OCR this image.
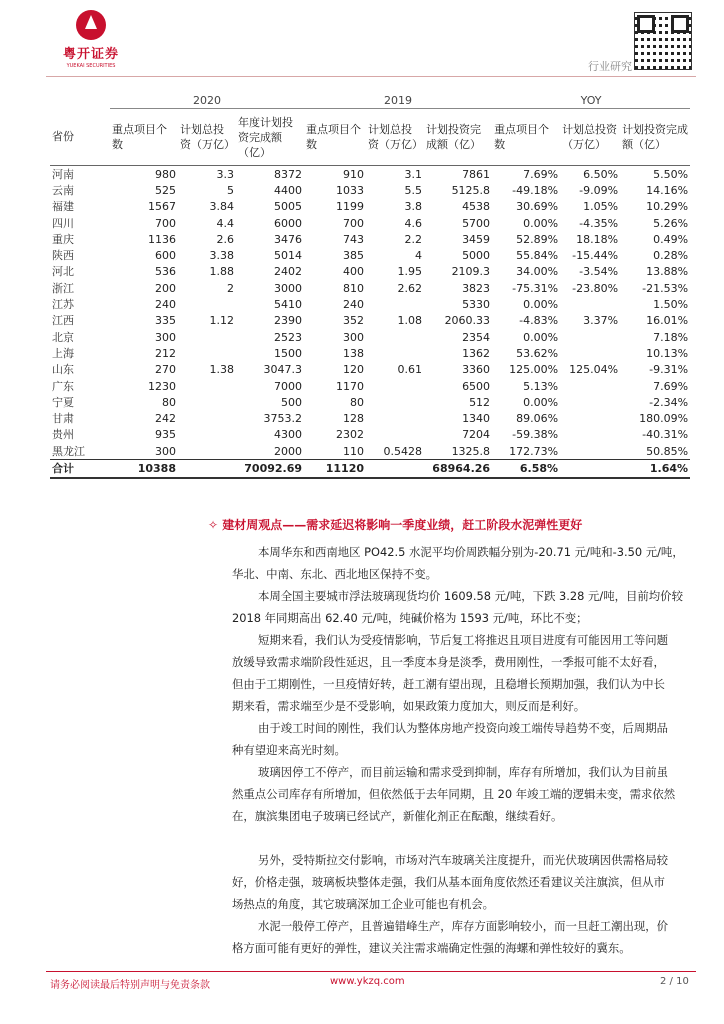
粤开证券
YUEKAI SECURITIES	行业研究
	2020			2019			YOY		
省份	重点项目个数	计划总投资（万亿）	年度计划投资完成额（亿）	重点项目个数	计划总投资（万亿）	计划投资完成额（亿）	重点项目个数	计划总投资（万亿）	计划投资完成额（亿）
河南	980	3.3	8372	910	3.1	7861	7.69%	6.50%	5.50%
云南	525	5	4400	1033	5.5	5125.8	-49.18%	-9.09%	14.16%
福建	1567	3.84	5005	1199	3.8	4538	30.69%	1.05%	10.29%
四川	700	4.4	6000	700	4.6	5700	0.00%	-4.35%	5.26%
重庆	1136	2.6	3476	743	2.2	3459	52.89%	18.18%	0.49%
陕西	600	3.38	5014	385	4	5000	55.84%	-15.44%	0.28%
河北	536	1.88	2402	400	1.95	2109.3	34.00%	-3.54%	13.88%
浙江	200	2	3000	810	2.62	3823	-75.31%	-23.80%	-21.53%
江苏	240		5410	240		5330	0.00%		1.50%
江西	335	1.12	2390	352	1.08	2060.33	-4.83%	3.37%	16.01%
北京	300		2523	300		2354	0.00%		7.18%
上海	212		1500	138		1362	53.62%		10.13%
山东	270	1.38	3047.3	120	0.61	3360	125.00%	125.04%	-9.31%
广东	1230		7000	1170		6500	5.13%		7.69%
宁夏	80		500	80		512	0.00%		-2.34%
甘肃	242		3753.2	128		1340	89.06%		180.09%
贵州	935		4300	2302		7204	-59.38%		-40.31%
黑龙江	300		2000	110	0.5428	1325.8	172.73%		50.85%
合计	10388		70092.69	11120		68964.26	6.58%		1.64%
✧ 建材周观点——需求延迟将影响一季度业绩，赶工阶段水泥弹性更好
本周华东和西南地区 PO42.5 水泥平均价周跌幅分别为-20.71 元/吨和-3.50 元/吨，
华北、中南、东北、西北地区保持不变。
本周全国主要城市浮法玻璃现货均价 1609.58 元/吨，下跌 3.28 元/吨，目前均价较
2018 年同期高出 62.40 元/吨，纯碱价格为 1593 元/吨，环比不变；
短期来看，我们认为受疫情影响，节后复工将推迟且项目进度有可能因用工等问题
放缓导致需求端阶段性延迟，且一季度本身是淡季，费用刚性，一季报可能不太好看，
但由于工期刚性，一旦疫情好转，赶工潮有望出现，且稳增长预期加强，我们认为中长
期来看，需求端至少是不受影响，如果政策力度加大，则反而是利好。
由于竣工时间的刚性，我们认为整体房地产投资向竣工端传导趋势不变，后周期品
种有望迎来高光时刻。
玻璃因停工不停产，而目前运输和需求受到抑制，库存有所增加，我们认为目前虽
然重点公司库存有所增加，但依然低于去年同期，且 20 年竣工端的逻辑未变，需求依然
在，旗滨集团电子玻璃已经试产，新催化剂正在酝酿，继续看好。
另外，受特斯拉交付影响，市场对汽车玻璃关注度提升，而光伏玻璃因供需格局较
好，价格走强，玻璃板块整体走强，我们从基本面角度依然还看建议关注旗滨，但从市
场热点的角度，其它玻璃深加工企业可能也有机会。
水泥一般停工停产，且普遍错峰生产，库存方面影响较小，而一旦赶工潮出现，价
格方面可能有更好的弹性，建议关注需求端确定性强的海螺和弹性较好的冀东。
请务必阅读最后特别声明与免责条款	www.ykzq.com	2 / 10
